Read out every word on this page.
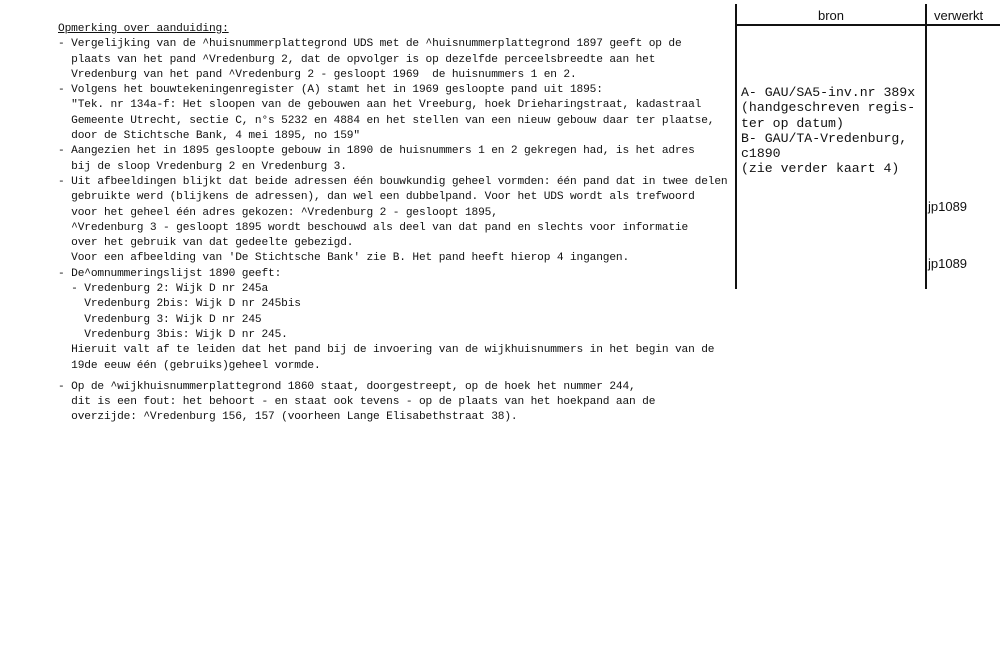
bron	verwerkt
Opmerking over aanduiding:
- Vergelijking van de ^huisnummerplattegrond UDS met de ^huisnummerplattegrond 1897 geeft op de
plaats van het pand ^Vredenburg 2, dat de opvolger is op dezelfde perceelsbreedte aan het
Vredenburg van het pand ^Vredenburg 2 - gesloopt 1969  de huisnummers 1 en 2.
- Volgens het bouwtekeningenregister (A) stamt het in 1969 gesloopte pand uit 1895:
"Tek. nr 134a-f: Het sloopen van de gebouwen aan het Vreeburg, hoek Drieharingstraat, kadastraal
Gemeente Utrecht, sectie C, n°s 5232 en 4884 en het stellen van een nieuw gebouw daar ter plaatse,
door de Stichtsche Bank, 4 mei 1895, no 159"
- Aangezien het in 1895 gesloopte gebouw in 1890 de huisnummers 1 en 2 gekregen had, is het adres
bij de sloop Vredenburg 2 en Vredenburg 3.
- Uit afbeeldingen blijkt dat beide adressen één bouwkundig geheel vormden: één pand dat in twee delen
gebruikte werd (blijkens de adressen), dan wel een dubbelpand. Voor het UDS wordt als trefwoord
voor het geheel één adres gekozen: ^Vredenburg 2 - gesloopt 1895,
^Vredenburg 3 - gesloopt 1895 wordt beschouwd als deel van dat pand en slechts voor informatie
over het gebruik van dat gedeelte gebezigd.
Voor een afbeelding van 'De Stichtsche Bank' zie B. Het pand heeft hierop 4 ingangen.
- De^omnummeringslijst 1890 geeft:
- Vredenburg 2: Wijk D nr 245a
Vredenburg 2bis: Wijk D nr 245bis
Vredenburg 3: Wijk D nr 245
Vredenburg 3bis: Wijk D nr 245.
Hieruit valt af te leiden dat het pand bij de invoering van de wijkhuisnummers in het begin van de
19de eeuw één (gebruiks)geheel vormde.
- Op de ^wijkhuisnummerplattegrond 1860 staat, doorgestreept, op de hoek het nummer 244,
dit is een fout: het behoort - en staat ook tevens - op de plaats van het hoekpand aan de
overzijde: ^Vredenburg 156, 157 (voorheen Lange Elisabethstraat 38).
A- GAU/SA5-inv.nr 389x
(handgeschreven regis-
ter op datum)
B- GAU/TA-Vredenburg,
c1890
(zie verder kaart 4)
jp1089
jp1089
